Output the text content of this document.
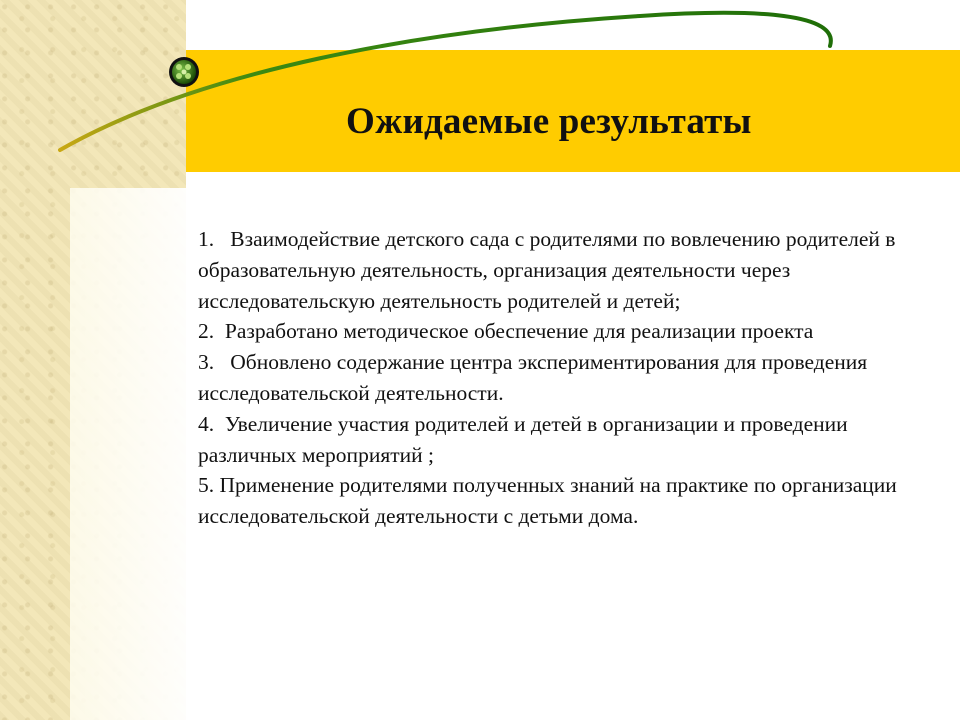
Ожидаемые результаты

1. Взаимодействие детского сада с родителями по вовлечению родителей в образовательную деятельность, организация деятельности через исследовательскую деятельность родителей и детей;

2. Разработано методическое обеспечение для реализации проекта

3. Обновлено содержание центра экспериментирования для проведения исследовательской деятельности.

4. Увеличение участия родителей и детей в организации и проведении различных мероприятий ;

5. Применение родителями полученных знаний на практике по организации исследовательской деятельности с детьми дома.
